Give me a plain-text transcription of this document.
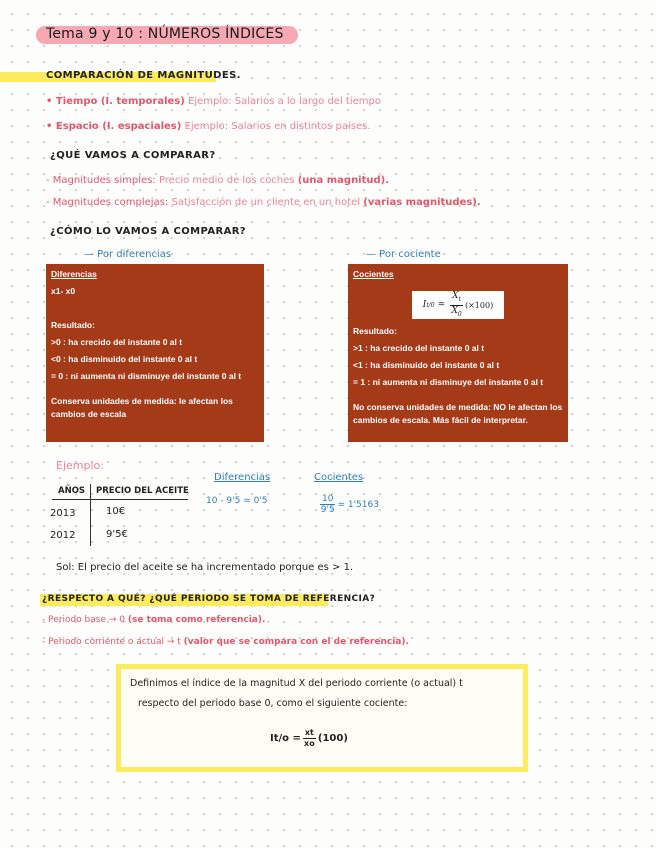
Tema 9 y 10 : NÚMEROS ÍNDICES
COMPARACIÓN DE MAGNITUDES.
• Tiempo (I. temporales) Ejemplo: Salarios a lo largo del tiempo
• Espacio (I. espaciales) Ejemplo: Salarios en distintos países.
¿QUÉ VAMOS A COMPARAR?
- Magnitudes simples: Precio medio de los coches (una magnitud).
- Magnitudes complejas: Satisfacción de un cliente en un hotel (varias magnitudes).
¿CÓMO LO VAMOS A COMPARAR?
— Por diferencias	— Por cociente
Diferencias
x1- x0
Resultado:
>0 : ha crecido del instante 0 al t
<0 : ha disminuido del instante 0 al t
= 0 : ni aumenta ni disminuye del instante 0 al t
Conserva unidades de medida: le afectan los cambios de escala
Cocientes
I $t/0 = \frac{X_t}{X_0} (\times 100)$
Resultado:
>1 : ha crecido del instante 0 al t
<1 : ha disminuido del instante 0 al t
= 1 : ni aumenta ni disminuye del instante 0 al t
No conserva unidades de medida: NO le afectan los cambios de escala. Más fácil de interpretar.
Ejemplo:
AÑOS PRECIO DEL ACEITE
2013	10€
2012	9'5€
Diferencias
10 - 9'5 = 0'5
Cocientes
$\frac{10}{9'5} = 1'5163$
Sol: El precio del aceite se ha incrementado porque es > 1.
¿RESPECTO A QUÉ? ¿QUÉ PERIODO SE TOMA DE REFERENCIA?
- Periodo base → 0 (se toma como referencia).
- Periodo corriente o actual → t (valor que se compara con el de referencia).
Definimos el índice de la magnitud X del periodo corriente (o actual) t
respecto del periodo base 0, como el siguiente cociente:
$It/o = \frac{xt}{xo} (100)$
